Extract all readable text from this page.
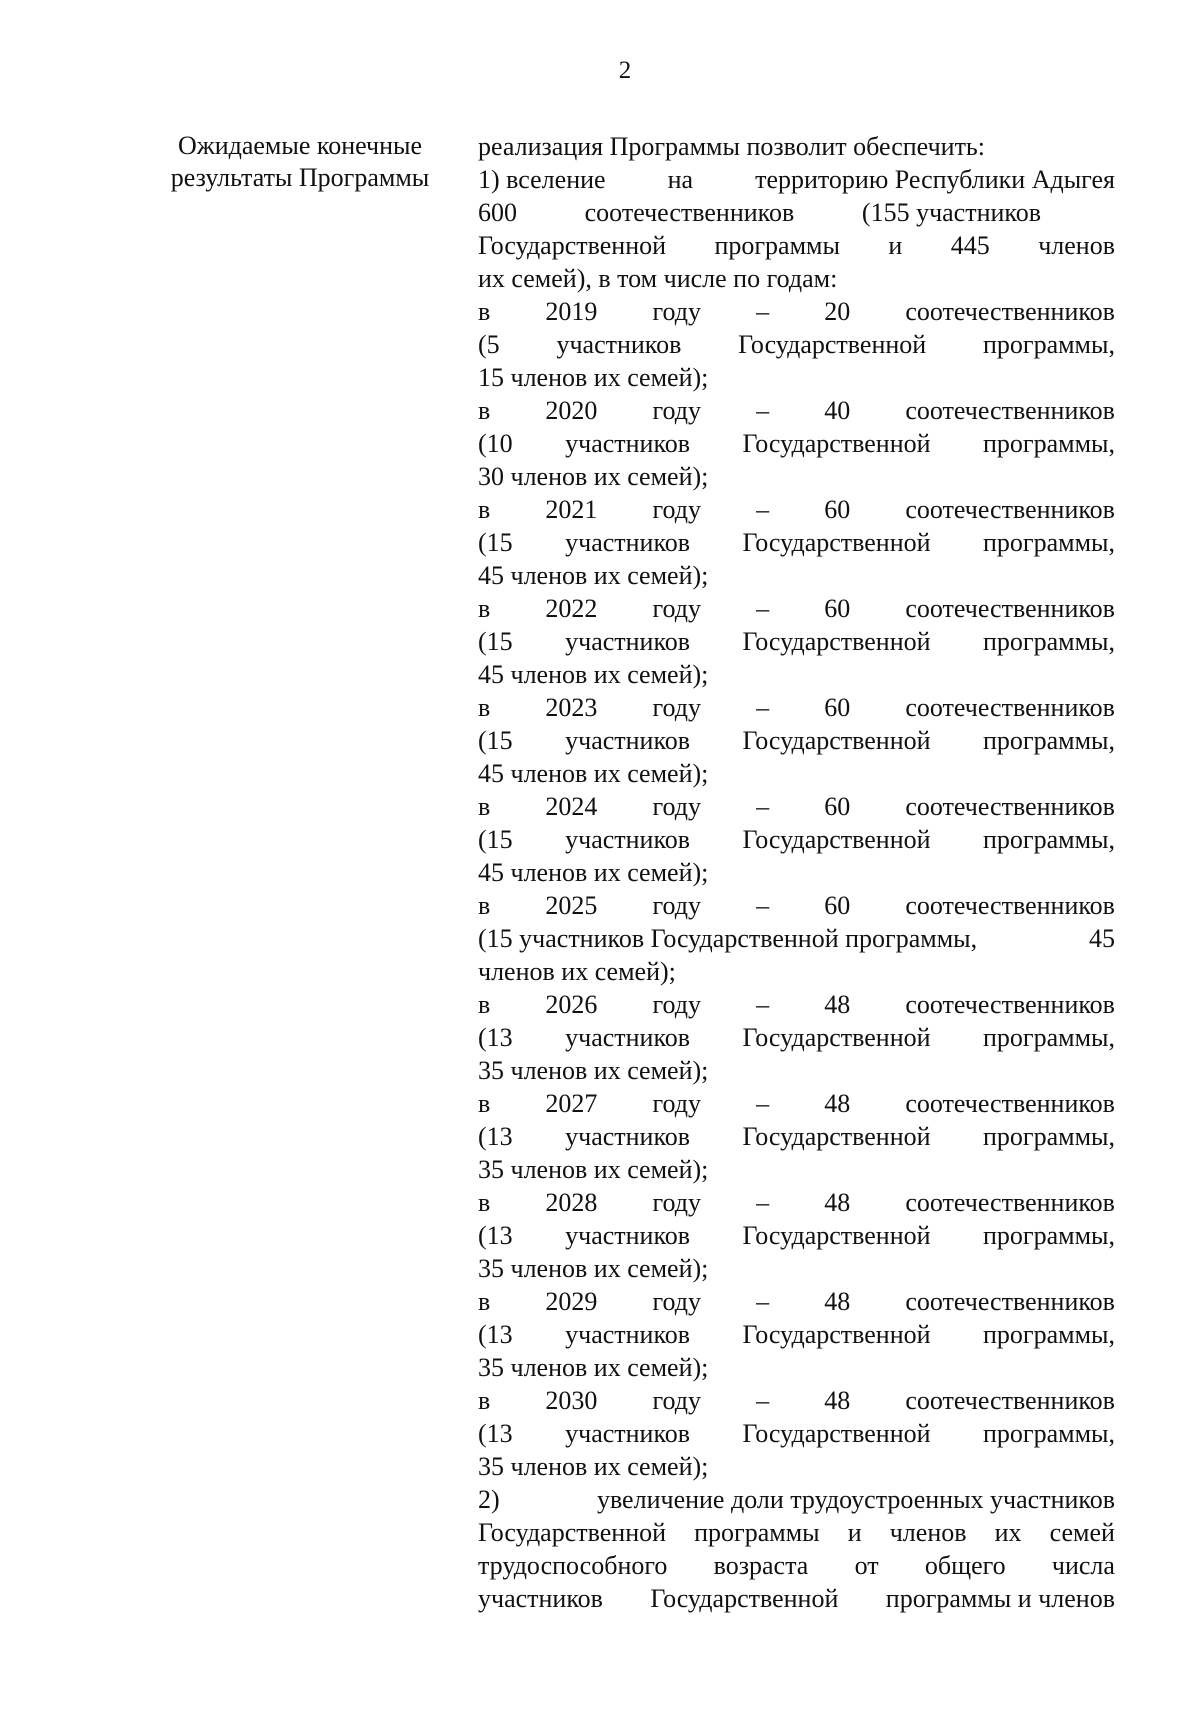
2
Ожидаемые конечные
результаты Программы
реализация Программы позволит обеспечить:
1) вселение на территорию Республики Адыгея
600	соотечественников	(155 участников
Государственной программы и 445 членов
их семей), в том числе по годам:
в 2019 году – 20 соотечественников
(5 участников Государственной программы,
15 членов их семей);
в 2020 году – 40 соотечественников
(10 участников Государственной программы,
30 членов их семей);
в 2021 году – 60 соотечественников
(15 участников Государственной программы,
45 членов их семей);
в 2022 году – 60 соотечественников
(15 участников Государственной программы,
45 членов их семей);
в 2023 году – 60 соотечественников
(15 участников Государственной программы,
45 членов их семей);
в 2024 году – 60 соотечественников
(15 участников Государственной программы,
45 членов их семей);
в 2025 году – 60 соотечественников
(15 участников Государственной программы,	45
членов их семей);
в 2026 году – 48 соотечественников
(13 участников Государственной программы,
35 членов их семей);
в 2027 году – 48 соотечественников
(13 участников Государственной программы,
35 членов их семей);
в 2028 году – 48 соотечественников
(13 участников Государственной программы,
35 членов их семей);
в 2029 году – 48 соотечественников
(13 участников Государственной программы,
35 членов их семей);
в 2030 году – 48 соотечественников
(13 участников Государственной программы,
35 членов их семей);
2)	увеличение доли трудоустроенных участников
Государственной программы и членов их семей
трудоспособного возраста от общего числа
участников Государственной программы и членов
